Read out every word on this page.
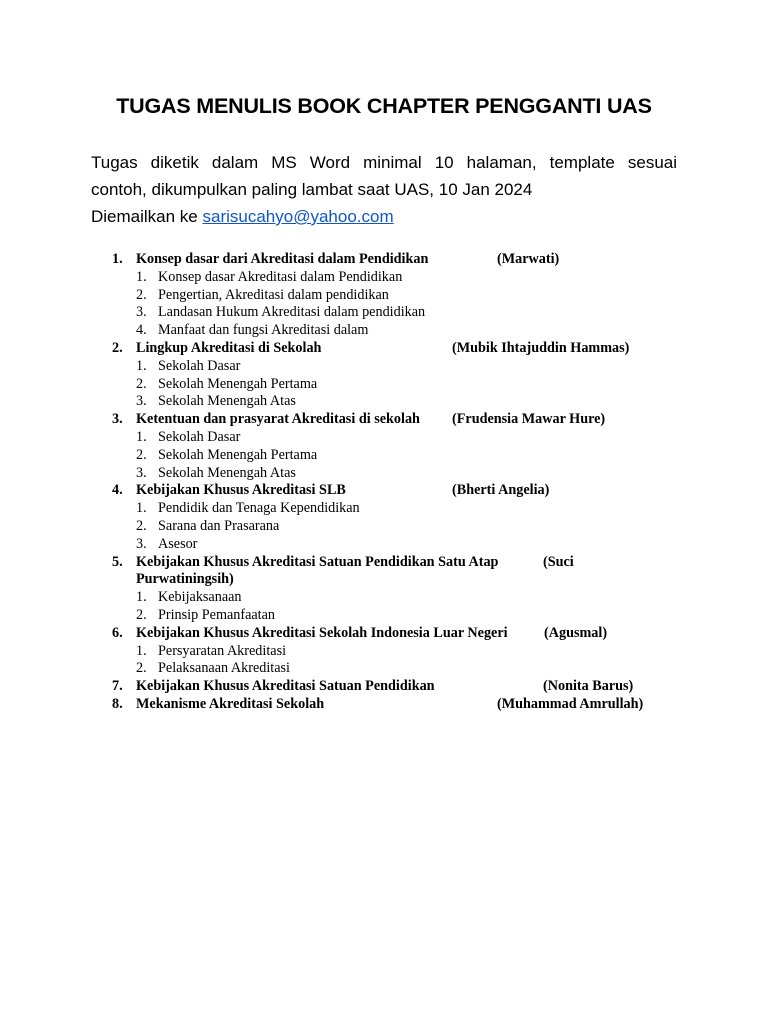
TUGAS MENULIS BOOK CHAPTER PENGGANTI UAS
Tugas diketik dalam MS Word minimal 10 halaman, template sesuai
contoh, dikumpulkan paling lambat saat UAS, 10 Jan 2024
Diemailkan ke sarisucahyo@yahoo.com
1. Konsep dasar dari Akreditasi dalam Pendidikan	(Marwati)
1. Konsep dasar Akreditasi dalam Pendidikan
2. Pengertian, Akreditasi dalam pendidikan
3. Landasan Hukum Akreditasi dalam pendidikan
4. Manfaat dan fungsi Akreditasi dalam
2. Lingkup Akreditasi di Sekolah	(Mubik Ihtajuddin Hammas)
1. Sekolah Dasar
2. Sekolah Menengah Pertama
3. Sekolah Menengah Atas
3. Ketentuan dan prasyarat Akreditasi di sekolah (Frudensia Mawar Hure)
1. Sekolah Dasar
2. Sekolah Menengah Pertama
3. Sekolah Menengah Atas
4. Kebijakan Khusus Akreditasi SLB	(Bherti Angelia)
1. Pendidik dan Tenaga Kependidikan
2. Sarana dan Prasarana
3. Asesor
5. Kebijakan Khusus Akreditasi Satuan Pendidikan Satu Atap	(Suci
Purwatiningsih)
1. Kebijaksanaan
2. Prinsip Pemanfaatan
6. Kebijakan Khusus Akreditasi Sekolah Indonesia Luar Negeri	(Agusmal)
1. Persyaratan Akreditasi
2. Pelaksanaan Akreditasi
7. Kebijakan Khusus Akreditasi Satuan Pendidikan	(Nonita Barus)
8. Mekanisme Akreditasi Sekolah	(Muhammad Amrullah)
